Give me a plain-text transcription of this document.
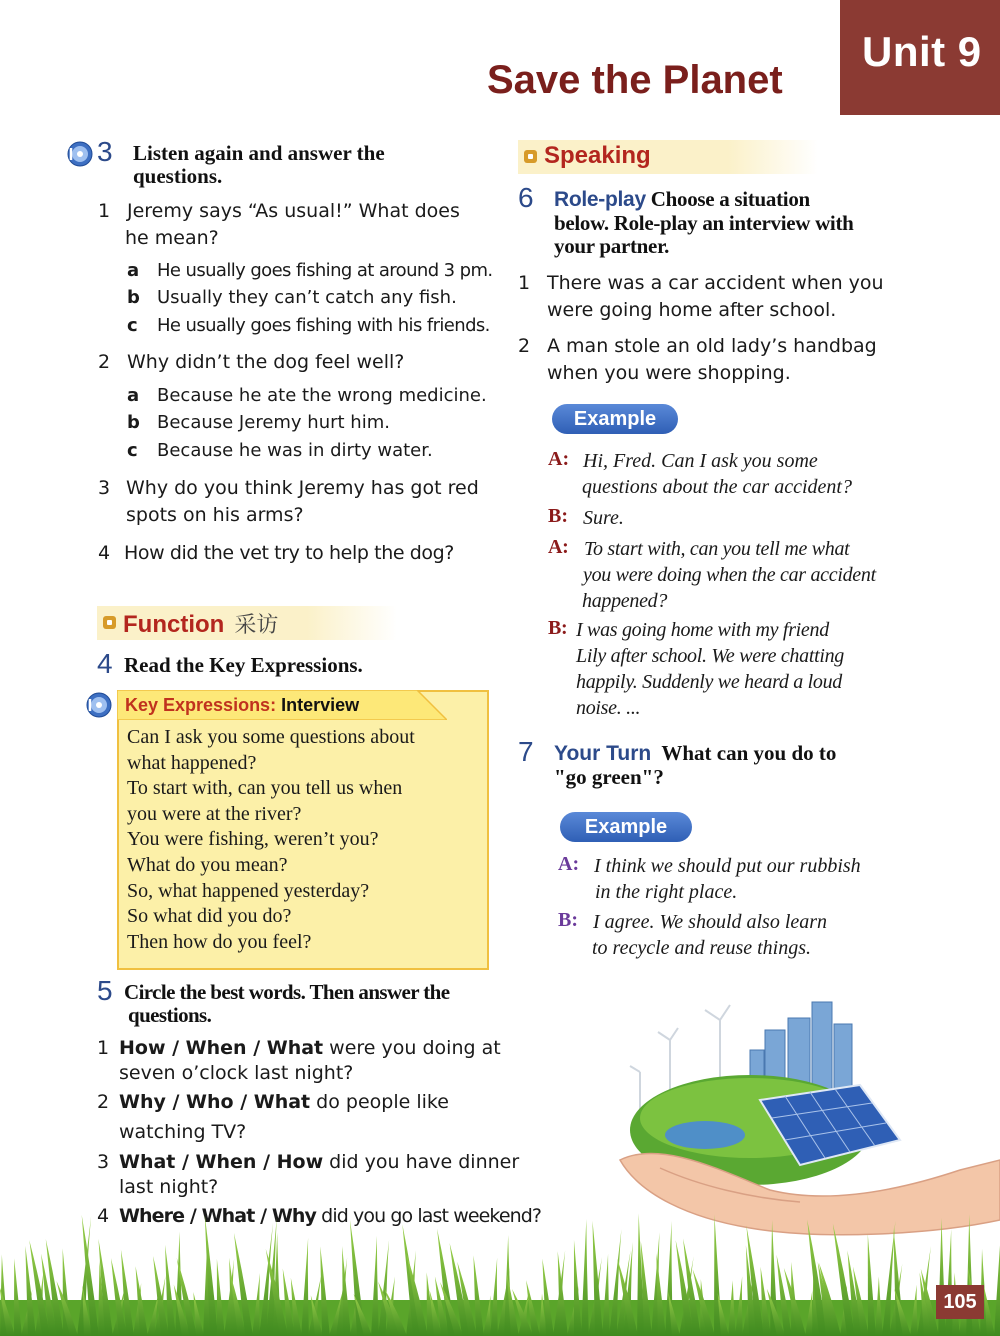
Unit 9
Save the Planet
3 Listen again and answer the
questions.
1 Jeremy says “As usual!” What does
he mean?
a He usually goes fishing at around 3 pm.
b Usually they can’t catch any fish.
c He usually goes fishing with his friends.
2 Why didn’t the dog feel well?
a Because he ate the wrong medicine.
b Because Jeremy hurt him.
c Because he was in dirty water.
3 Why do you think Jeremy has got red
spots on his arms?
4 How did the vet try to help the dog?
Function 采访
4 Read the Key Expressions.
Key Expressions: Interview
Can I ask you some questions about
what happened?
To start with, can you tell us when
you were at the river?
You were fishing, weren’t you?
What do you mean?
So, what happened yesterday?
So what did you do?
Then how do you feel?
5 Circle the best words. Then answer the
questions.
1 How / When / What were you doing at
seven o’clock last night?
2 Why / Who / What do people like
watching TV?
3 What / When / How did you have dinner
last night?
4 Where / What / Why did you go last weekend?
Speaking
6 Role-play Choose a situation
below. Role-play an interview with
your partner.
1 There was a car accident when you
were going home after school.
2 A man stole an old lady’s handbag
when you were shopping.
Example
A: Hi, Fred. Can I ask you some
questions about the car accident?
B: Sure.
A: To start with, can you tell me what
you were doing when the car accident
happened?
B: I was going home with my friend
Lily after school. We were chatting
happily. Suddenly we heard a loud
noise. ...
7 Your Turn What can you do to
"go green"?
Example
A: I think we should put our rubbish
in the right place.
B: I agree. We should also learn
to recycle and reuse things.
105
